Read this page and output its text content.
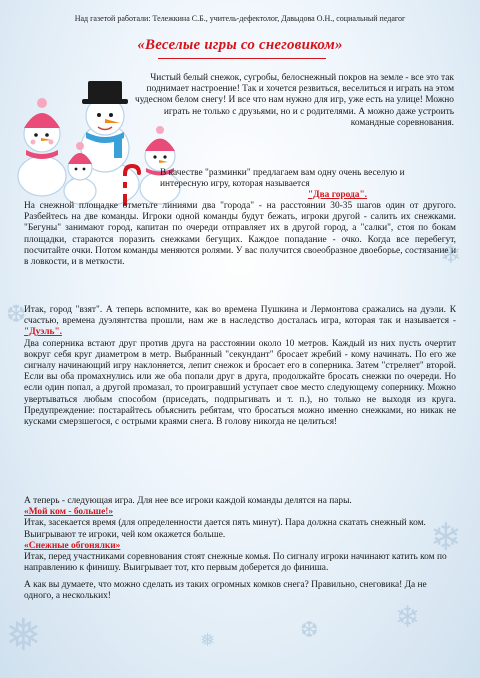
❄
❄
❅	❆
❄
❆
❅
Над газетой работали: Тележкина С.Б., учитель-дефектолог, Давыдова О.Н., социальный педагог
«Веселые игры со снеговиком»

Чистый белый снежок, сугробы, белоснежный покров на земле - все это так поднимает настроение! Так и хочется резвиться, веселиться и играть на этом чудесном белом снегу! И все что нам нужно для игр, уже есть на улице! Можно играть не только с друзьями, но и с родителями. А можно даже устроить командные соревнования.

В качестве "разминки" предлагаем вам одну очень веселую и интересную игру, которая называется

"Два города".

На снежной площадке отметьте линиями два "города" - на расстоянии 30-35 шагов один от другого. Разбейтесь на две команды. Игроки одной команды будут бежать, игроки другой - салить их снежками. "Бегуны" занимают город, капитан по очереди отправляет их в другой город, а "салки", стоя по бокам площадки, стараются поразить снежками бегущих. Каждое попадание - очко. Когда все перебегут, посчитайте очки. Потом команды меняются ролями. У вас получится своеобразное двоеборье, состязание и в ловкости, и в меткости.

Итак, город "взят". А теперь вспомните, как во времена Пушкина и Лермонтова сражались на дуэли. К счастью, времена дуэлянтства прошли, нам же в наследство досталась игра, которая так и называется - "Дуэль".

Два соперника встают друг против друга на расстоянии около 10 метров. Каждый из них пусть очертит вокруг себя круг диаметром в метр. Выбранный "секундант" бросает жребий - кому начинать. По его же сигналу начинающий игру наклоняется, лепит снежок и бросает его в соперника. Затем "стреляет" второй. Если вы оба промахнулись или же оба попали друг в друга, продолжайте бросать снежки по очереди. Но если один попал, а другой промазал, то проигравший уступает свое место следующему сопернику. Можно увертываться любым способом (приседать, подпрыгивать и т. п.), но только не выходя из круга. Предупреждение: постарайтесь объяснить ребятам, что бросаться можно именно снежками, но никак не кусками смерзшегося, с острыми краями снега. В голову никогда не целиться!

А теперь - следующая игра. Для нее все игроки каждой команды делятся на пары.

«Мой ком - больше!»

Итак, засекается время (для определенности дается пять минут). Пара должна скатать снежный ком. Выигрывают те игроки, чей ком окажется больше.

«Снежные обгонялки»

Итак, перед участниками соревнования стоят снежные комья. По сигналу игроки начинают катить ком по направлению к финишу. Выигрывает тот, кто первым доберется до финиша.

А как вы думаете, что можно сделать из таких огромных комков снега? Правильно, снеговика! Да не одного, а нескольких!
